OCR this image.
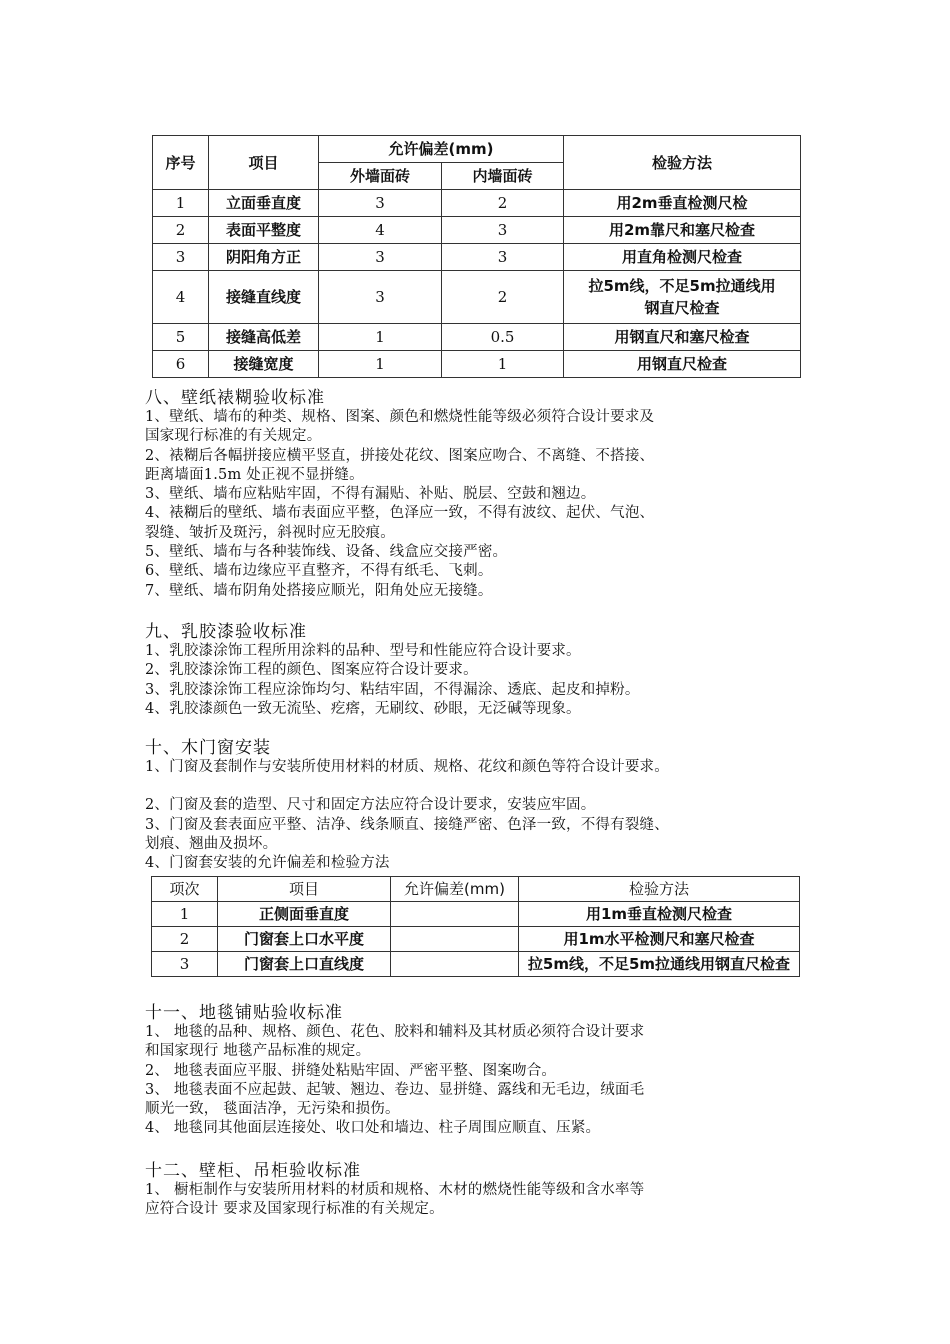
序号	项目	允许偏差(mm)		检验方法
		外墙面砖	内墙面砖	
1	立面垂直度	3	2	用2m垂直检测尺检
2	表面平整度	4	3	用2m靠尺和塞尺检查
3	阴阳角方正	3	3	用直角检测尺检查
4	接缝直线度	3	2	拉5m线，不足5m拉通线用
钢直尺检查

5	接缝高低差	1	0.5	用钢直尺和塞尺检查
6	接缝宽度	1	1	用钢直尺检查
八、壁纸裱糊验收标准

1、壁纸、墙布的种类、规格、图案、颜色和燃烧性能等级必须符合设计要求及

国家现行标准的有关规定。

2、裱糊后各幅拼接应横平竖直，拼接处花纹、图案应吻合、不离缝、不搭接、

距离墙面1.5m 处正视不显拼缝。

3、壁纸、墙布应粘贴牢固，不得有漏贴、补贴、脱层、空鼓和翘边。

4、裱糊后的壁纸、墙布表面应平整，色泽应一致，不得有波纹、起伏、气泡、

裂缝、皱折及斑污，斜视时应无胶痕。

5、壁纸、墙布与各种装饰线、设备、线盒应交接严密。

6、壁纸、墙布边缘应平直整齐，不得有纸毛、飞刺。

7、壁纸、墙布阴角处搭接应顺光，阳角处应无接缝。

九、乳胶漆验收标准

1、乳胶漆涂饰工程所用涂料的品种、型号和性能应符合设计要求。

2、乳胶漆涂饰工程的颜色、图案应符合设计要求。

3、乳胶漆涂饰工程应涂饰均匀、粘结牢固，不得漏涂、透底、起皮和掉粉。

4、乳胶漆颜色一致无流坠、疙瘩，无刷纹、砂眼，无泛碱等现象。

十、木门窗安装

1、门窗及套制作与安装所使用材料的材质、规格、花纹和颜色等符合设计要求。

2、门窗及套的造型、尺寸和固定方法应符合设计要求，安装应牢固。

3、门窗及套表面应平整、洁净、线条顺直、接缝严密、色泽一致，不得有裂缝、

划痕、翘曲及损坏。

4、门窗套安装的允许偏差和检验方法

项次	项目	允许偏差(mm)	检验方法
1	正侧面垂直度		用1m垂直检测尺检查
2	门窗套上口水平度		用1m水平检测尺和塞尺检查
3	门窗套上口直线度		拉5m线，不足5m拉通线用钢直尺检查
十一、地毯铺贴验收标准

1、 地毯的品种、规格、颜色、花色、胶料和辅料及其材质必须符合设计要求

和国家现行 地毯产品标准的规定。

2、 地毯表面应平服、拼缝处粘贴牢固、严密平整、图案吻合。

3、 地毯表面不应起鼓、起皱、翘边、卷边、显拼缝、露线和无毛边，绒面毛

顺光一致， 毯面洁净，无污染和损伤。

4、 地毯同其他面层连接处、收口处和墙边、柱子周围应顺直、压紧。

十二、壁柜、吊柜验收标准

1、 橱柜制作与安装所用材料的材质和规格、木材的燃烧性能等级和含水率等

应符合设计 要求及国家现行标准的有关规定。
